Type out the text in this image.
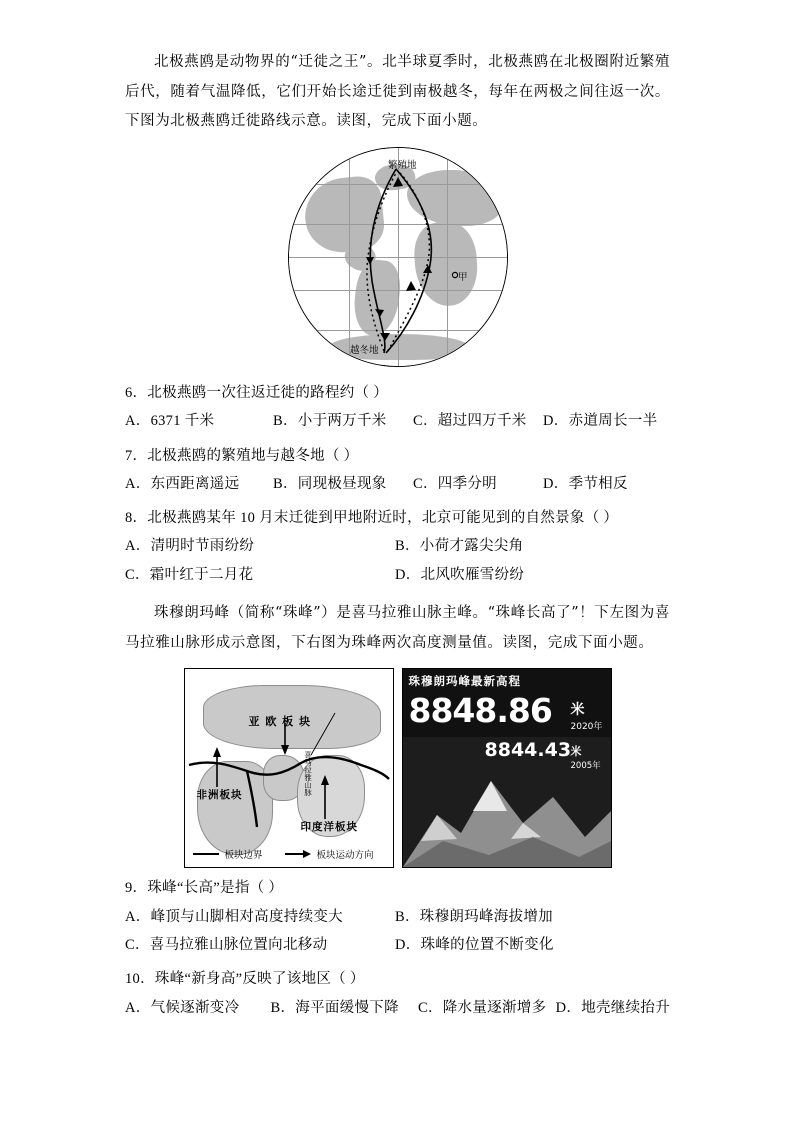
北极燕鸥是动物界的“迁徙之王”。北半球夏季时，北极燕鸥在北极圈附近繁殖后代，随着气温降低，它们开始长途迁徙到南极越冬，每年在两极之间往返一次。下图为北极燕鸥迁徙路线示意。读图，完成下面小题。
繁殖地
越冬地
甲
6．北极燕鸥一次往返迁徙的路程约（ ）
A．6371 千米	B．小于两万千米	C．超过四万千米	D．赤道周长一半
7．北极燕鸥的繁殖地与越冬地（ ）
A．东西距离遥远	B．同现极昼现象	C．四季分明	D．季节相反
8．北极燕鸥某年 10 月末迁徙到甲地附近时，北京可能见到的自然景象（ ）
A．清明时节雨纷纷	B．小荷才露尖尖角
C．霜叶红于二月花	D．北风吹雁雪纷纷
珠穆朗玛峰（简称“珠峰”）是喜马拉雅山脉主峰。“珠峰长高了”！下左图为喜马拉雅山脉形成示意图，下右图为珠峰两次高度测量值。读图，完成下面小题。
亚 欧 板 块
非洲板块
印度洋板块
喜马拉雅山脉
板块边界	板块运动方向
珠穆朗玛峰最新高程
8848.86 米
2020年
8844.43 米
2005年
9．珠峰“长高”是指（ ）
A．峰顶与山脚相对高度持续变大	B．珠穆朗玛峰海拔增加
C．喜马拉雅山脉位置向北移动	D．珠峰的位置不断变化
10．珠峰“新身高”反映了该地区（ ）
A．气候逐渐变冷	B．海平面缓慢下降	C．降水量逐渐增多 D．地壳继续抬升
